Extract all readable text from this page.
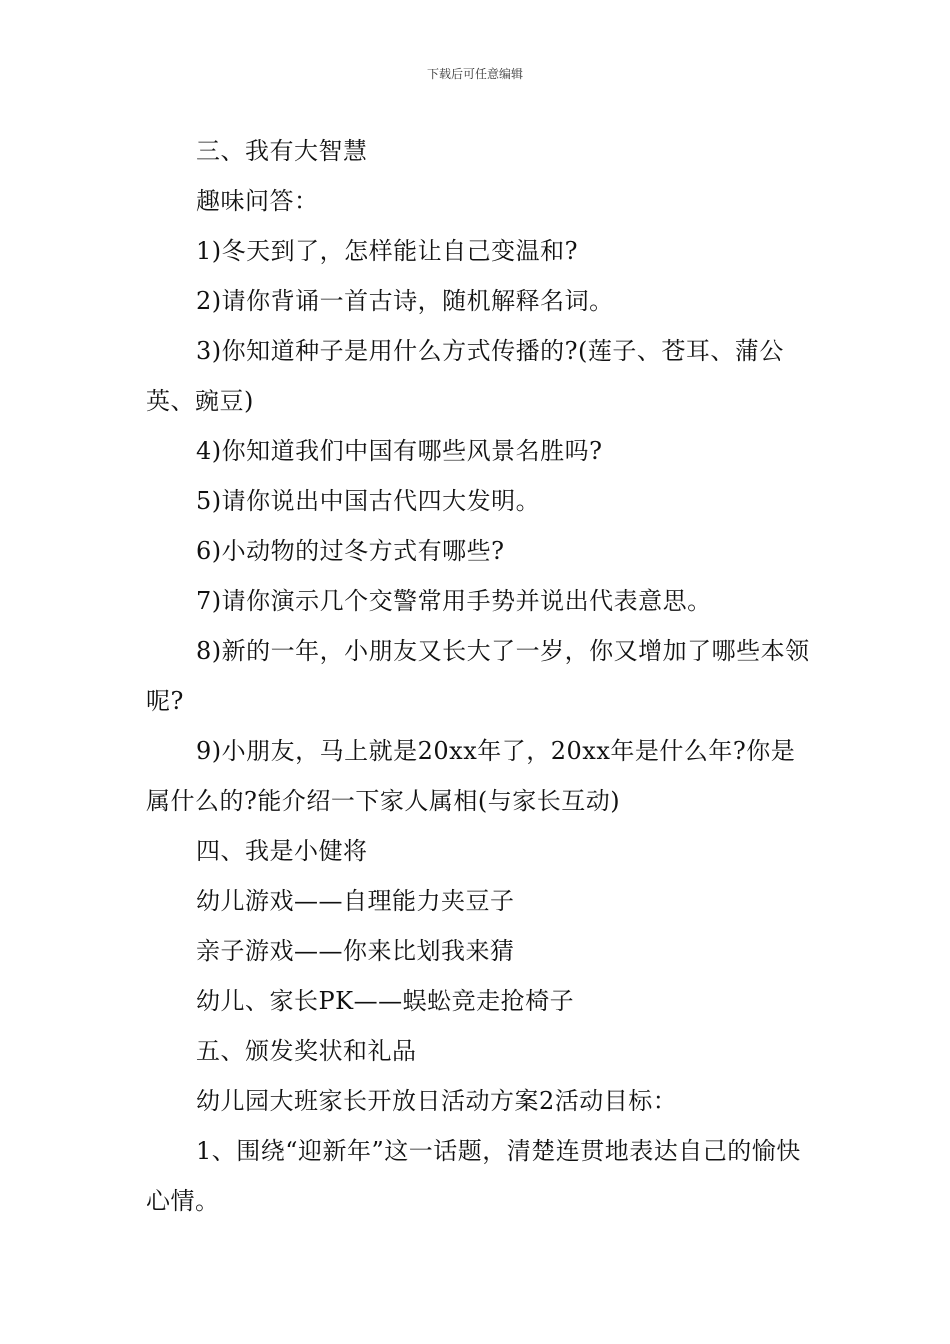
下载后可任意编辑

三、我有大智慧

趣味问答：

1)冬天到了，怎样能让自己变温和?

2)请你背诵一首古诗，随机解释名词。

3)你知道种子是用什么方式传播的?(莲子、苍耳、蒲公英、豌豆)

4)你知道我们中国有哪些风景名胜吗?

5)请你说出中国古代四大发明。

6)小动物的过冬方式有哪些?

7)请你演示几个交警常用手势并说出代表意思。

8)新的一年，小朋友又长大了一岁，你又增加了哪些本领呢?

9)小朋友，马上就是20xx年了，20xx年是什么年?你是属什么的?能介绍一下家人属相(与家长互动)

四、我是小健将

幼儿游戏——自理能力夹豆子

亲子游戏——你来比划我来猜

幼儿、家长PK——蜈蚣竞走抢椅子

五、颁发奖状和礼品

幼儿园大班家长开放日活动方案2活动目标：

1、围绕“迎新年”这一话题，清楚连贯地表达自己的愉快心情。
